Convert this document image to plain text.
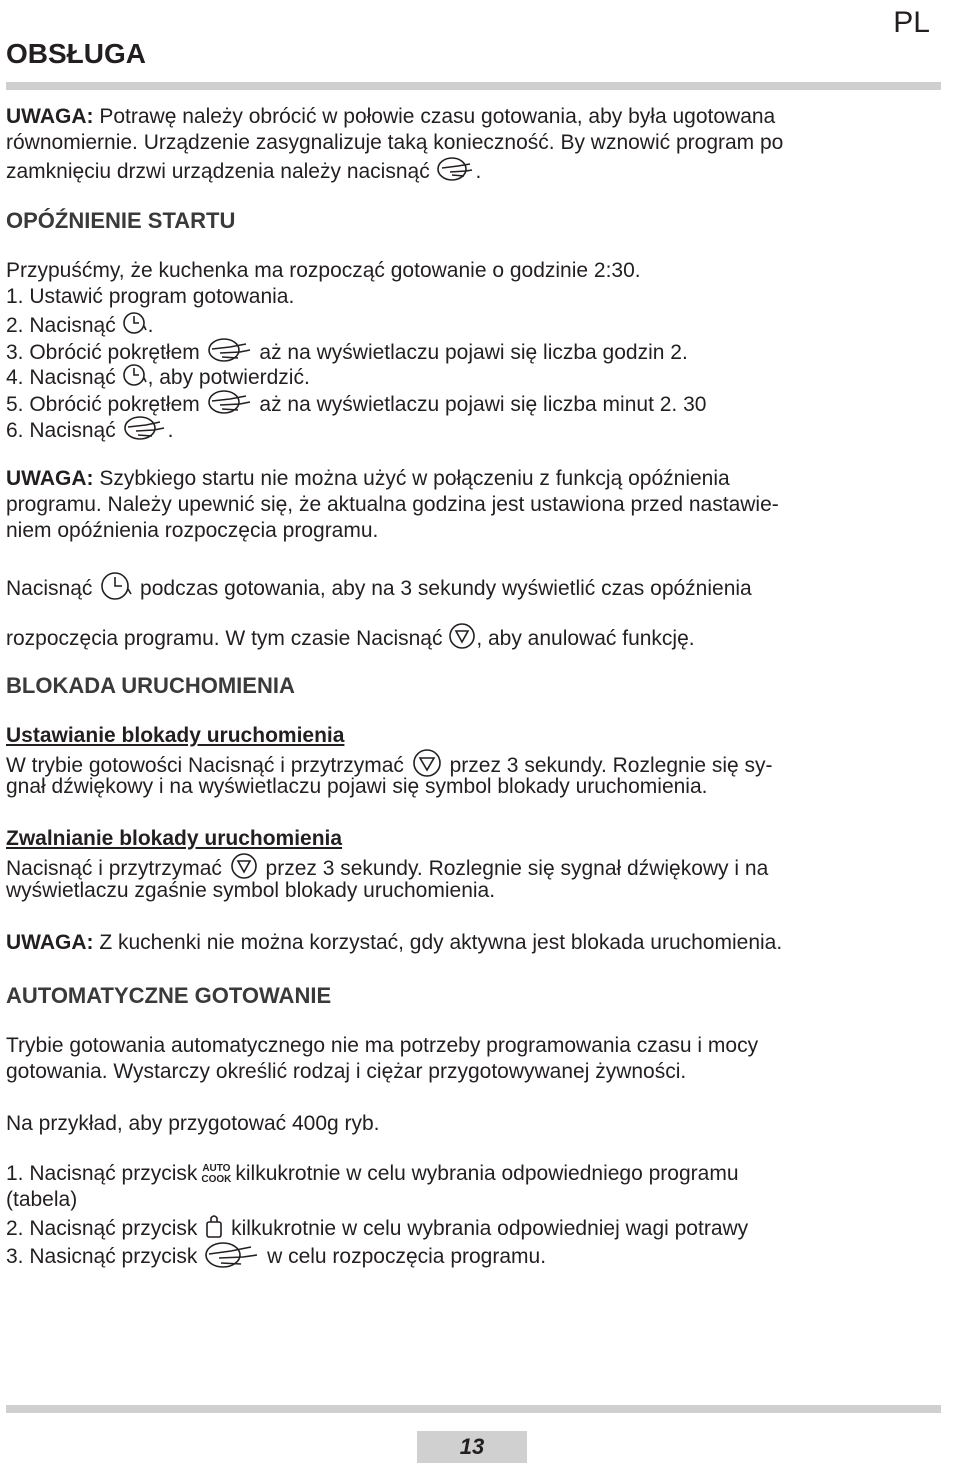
PL
OBSŁUGA
UWAGA: Potrawę należy obrócić w połowie czasu gotowania, aby była ugotowana
równomiernie. Urządzenie zasygnalizuje taką konieczność. By wznowić program po
zamknięciu drzwi urządzenia należy nacisnąć .
OPÓŹNIENIE STARTU
Przypuśćmy, że kuchenka ma rozpocząć gotowanie o godzinie 2:30.
1. Ustawić program gotowania.
2. Nacisnąć .
3. Obrócić pokrętłem  aż na wyświetlaczu pojawi się liczba godzin 2.
4. Nacisnąć , aby potwierdzić.
5. Obrócić pokrętłem  aż na wyświetlaczu pojawi się liczba minut 2. 30
6. Nacisnąć .
UWAGA: Szybkiego startu nie można użyć w połączeniu z funkcją opóźnienia
programu. Należy upewnić się, że aktualna godzina jest ustawiona przed nastawie-
niem opóźnienia rozpoczęcia programu.
Nacisnąć  podczas gotowania, aby na 3 sekundy wyświetlić czas opóźnienia
rozpoczęcia programu. W tym czasie Nacisnąć , aby anulować funkcję.
BLOKADA URUCHOMIENIA
Ustawianie blokady uruchomienia
W trybie gotowości Nacisnąć i przytrzymać  przez 3 sekundy. Rozlegnie się sy-
gnał dźwiękowy i na wyświetlaczu pojawi się symbol blokady uruchomienia.
Zwalnianie blokady uruchomienia
Nacisnąć i przytrzymać  przez 3 sekundy. Rozlegnie się sygnał dźwiękowy i na
wyświetlaczu zgaśnie symbol blokady uruchomienia.
UWAGA: Z kuchenki nie można korzystać, gdy aktywna jest blokada uruchomienia.
AUTOMATYCZNE GOTOWANIE
Trybie gotowania automatycznego nie ma potrzeby programowania czasu i mocy
gotowania. Wystarczy określić rodzaj i ciężar przygotowywanej żywności.
Na przykład, aby przygotować 400g ryb.
1. Nacisnąć przycisk AUTO
COOK kilkukrotnie w celu wybrania odpowiedniego programu
(tabela)
2. Nacisnąć przycisk  kilkukrotnie w celu wybrania odpowiedniej wagi potrawy
3. Nasicnąć przycisk	w celu rozpoczęcia programu.
13
